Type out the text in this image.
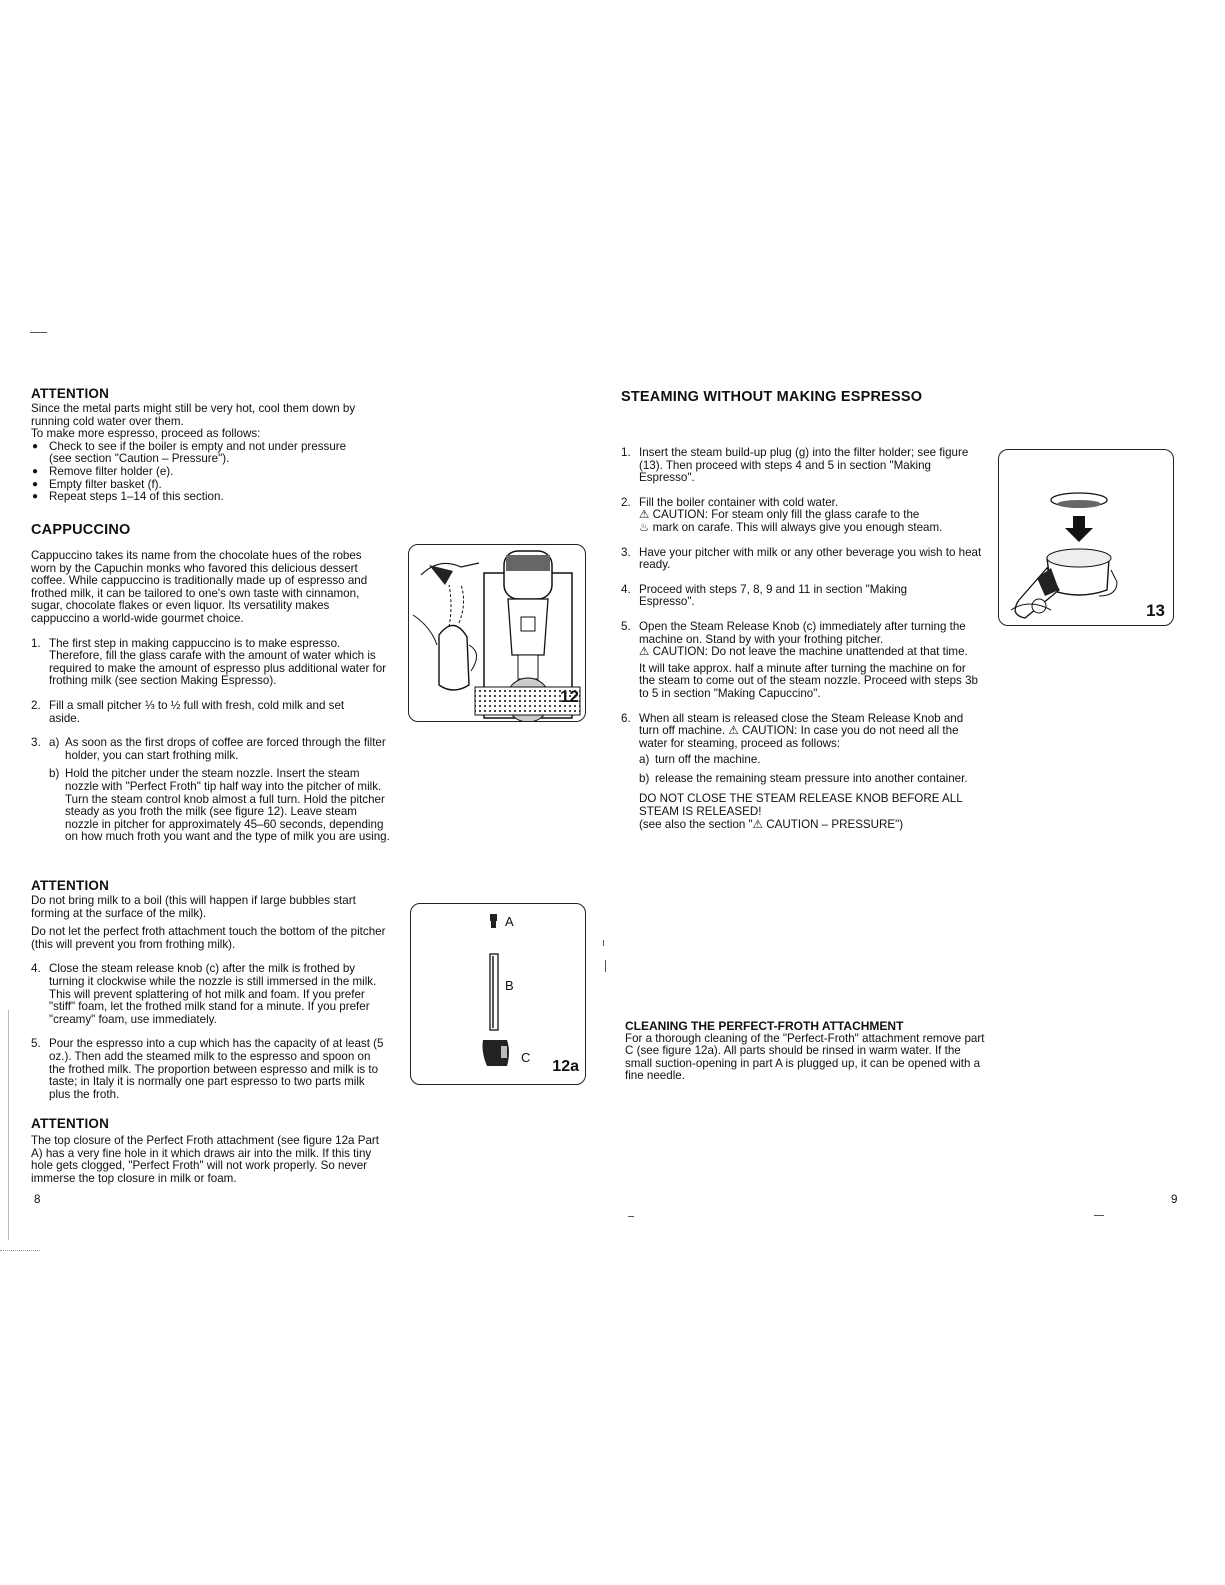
ATTENTION

Since the metal parts might still be very hot, cool them down by

running cold water over them.

To make more espresso, proceed as follows:

● Check to see if the boiler is empty and not under pressure (see section "Caution – Pressure").

● Remove filter holder (e).

● Empty filter basket (f).

● Repeat steps 1–14 of this section.

CAPPUCCINO

Cappuccino takes its name from the chocolate hues of the robes worn by the Capuchin monks who favored this delicious dessert coffee. While cappuccino is traditionally made up of espresso and frothed milk, it can be tailored to one's own taste with cinnamon, sugar, chocolate flakes or even liquor. Its versatility makes cappuccino a world-wide gourmet choice.

1. The first step in making cappuccino is to make espresso. Therefore, fill the glass carafe with the amount of water which is required to make the amount of espresso plus additional water for frothing milk (see section Making Espresso).
2. Fill a small pitcher ⅓ to ½ full with fresh, cold milk and set aside.
3. a) As soon as the first drops of coffee are forced through the filter holder, you can start frothing milk.
b) Hold the pitcher under the steam nozzle. Insert the steam nozzle with "Perfect Froth" tip half way into the pitcher of milk. Turn the steam control knob almost a full turn. Hold the pitcher steady as you froth the milk (see figure 12). Leave steam nozzle in pitcher for approximately 45–60 seconds, depending on how much froth you want and the type of milk you are using.

ATTENTION

Do not bring milk to a boil (this will happen if large bubbles start forming at the surface of the milk).

Do not let the perfect froth attachment touch the bottom of the pitcher (this will prevent you from frothing milk).

4. Close the steam release knob (c) after the milk is frothed by turning it clockwise while the nozzle is still immersed in the milk. This will prevent splattering of hot milk and foam. If you prefer "stiff" foam, let the frothed milk stand for a minute. If you prefer "creamy" foam, use immediately.
5. Pour the espresso into a cup which has the capacity of at least (5 oz.). Then add the steamed milk to the espresso and spoon on the frothed milk. The proportion between espresso and milk is to taste; in Italy it is normally one part espresso to two parts milk plus the froth.

ATTENTION

The top closure of the Perfect Froth attachment (see figure 12a Part A) has a very fine hole in it which draws air into the milk. If this tiny hole gets clogged, "Perfect Froth" will not work properly. So never immerse the top closure in milk or foam.

8
12
A
B
C
12a

STEAMING WITHOUT MAKING ESPRESSO

1. Insert the steam build-up plug (g) into the filter holder; see figure (13). Then proceed with steps 4 and 5 in section "Making Espresso".
2. Fill the boiler container with cold water.
⚠ CAUTION: For steam only fill the glass carafe to the
♨ mark on carafe. This will always give you enough steam.
3. Have your pitcher with milk or any other beverage you wish to heat ready.
4. Proceed with steps 7, 8, 9 and 11 in section "Making Espresso".
5. Open the Steam Release Knob (c) immediately after turning the machine on. Stand by with your frothing pitcher.
⚠ CAUTION: Do not leave the machine unattended at that time.
It will take approx. half a minute after turning the machine on for the steam to come out of the steam nozzle. Proceed with steps 3b to 5 in section "Making Capuccino".
6. When all steam is released close the Steam Release Knob and turn off machine. ⚠ CAUTION: In case you do not need all the water for steaming, proceed as follows:
a) turn off the machine.
b) release the remaining steam pressure into another container.
DO NOT CLOSE THE STEAM RELEASE KNOB BEFORE ALL STEAM IS RELEASED!
(see also the section "⚠ CAUTION – PRESSURE")

CLEANING THE PERFECT-FROTH ATTACHMENT

For a thorough cleaning of the "Perfect-Froth" attachment remove part C (see figure 12a). All parts should be rinsed in warm water. If the small suction-opening in part A is plugged up, it can be opened with a fine needle.

9
13
